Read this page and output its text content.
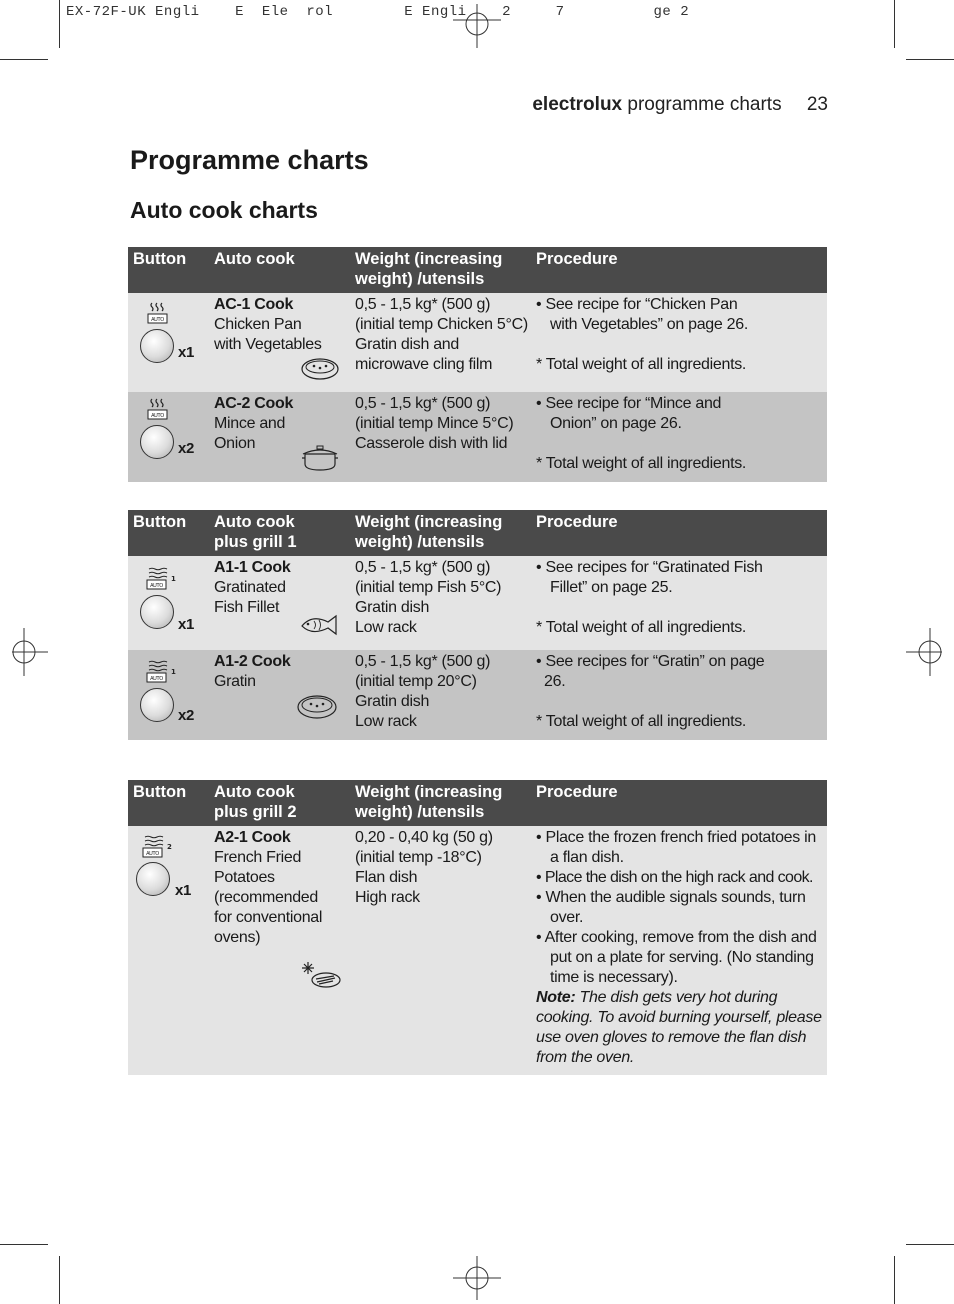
EX-72F-UK Engli    E  Ele  rol        E Engli    2     7          ge 2
electrolux programme charts 23
Programme charts
Auto cook charts
Button Auto cook	Weight (increasing
weight) /utensils
Procedure
AUTO
x1
AC-1 Cook
Chicken Pan
with Vegetables
0,5 - 1,5 kg* (500 g)
(initial temp Chicken 5°C)
Gratin dish and
microwave cling film
• See recipe for “Chicken Pan
with Vegetables” on page 26.
* Total weight of all ingredients.
AUTO
x2
AC-2 Cook
Mince and
Onion
0,5 - 1,5 kg* (500 g)
(initial temp Mince 5°C)
Casserole dish with lid
• See recipe for “Mince and
Onion” on page 26.
* Total weight of all ingredients.
Button Auto cook
plus grill 1
Weight (increasing
weight) /utensils
Procedure
AUTO
1
x1
A1-1 Cook
Gratinated
Fish Fillet
0,5 - 1,5 kg* (500 g)
(initial temp Fish 5°C)
Gratin dish
Low rack
• See recipes for “Gratinated Fish
Fillet” on page 25.
* Total weight of all ingredients.
AUTO
1
x2
A1-2 Cook
Gratin
0,5 - 1,5 kg* (500 g)
(initial temp 20°C)
Gratin dish
Low rack
• See recipes for “Gratin” on page
26.
* Total weight of all ingredients.
Button Auto cook
plus grill 2
Weight (increasing
weight) /utensils
Procedure
AUTO
2
x1
A2-1 Cook
French Fried
Potatoes
(recommended
for conventional
ovens)
0,20 - 0,40 kg (50 g)
(initial temp -18°C)
Flan dish
High rack
• Place the frozen french fried potatoes in a flan dish.
• Place the dish on the high rack and cook.
• When the audible signals sounds, turn over.
• After cooking, remove from the dish and put on a plate for serving. (No standing time is necessary).
Note: The dish gets very hot during cooking. To avoid burning yourself, please use oven gloves to remove the flan dish from the oven.
